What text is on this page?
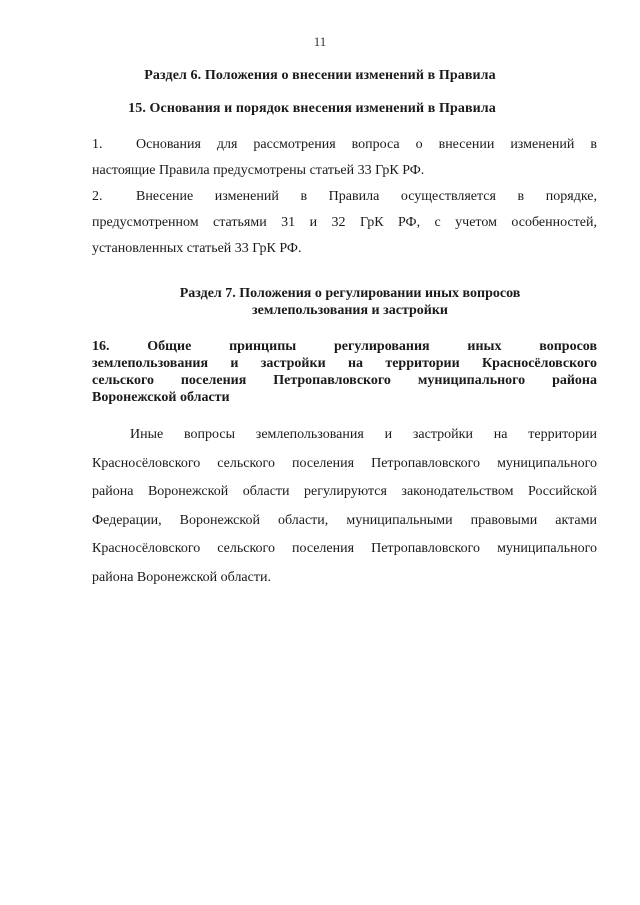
11
Раздел 6. Положения о внесении изменений в Правила
15. Основания и порядок внесения изменений в Правила
1. Основания для рассмотрения вопроса о внесении изменений в
настоящие Правила предусмотрены статьей 33 ГрК РФ.
2. Внесение изменений в Правила осуществляется в порядке,
предусмотренном статьями 31 и 32 ГрК РФ, с учетом особенностей,
установленных статьей 33 ГрК РФ.
Раздел 7. Положения о регулировании иных вопросов
землепользования и застройки
16.    Общие    принципы    регулирования    иных    вопросов
землепользования и застройки на территории Красносёловского
сельского поселения Петропавловского муниципального района
Воронежской области
Иные вопросы землепользования и застройки на территории
Красносёловского сельского поселения Петропавловского муниципального
района Воронежской области регулируются законодательством Российской
Федерации, Воронежской области, муниципальными правовыми актами
Красносёловского сельского поселения Петропавловского муниципального
района Воронежской области.
